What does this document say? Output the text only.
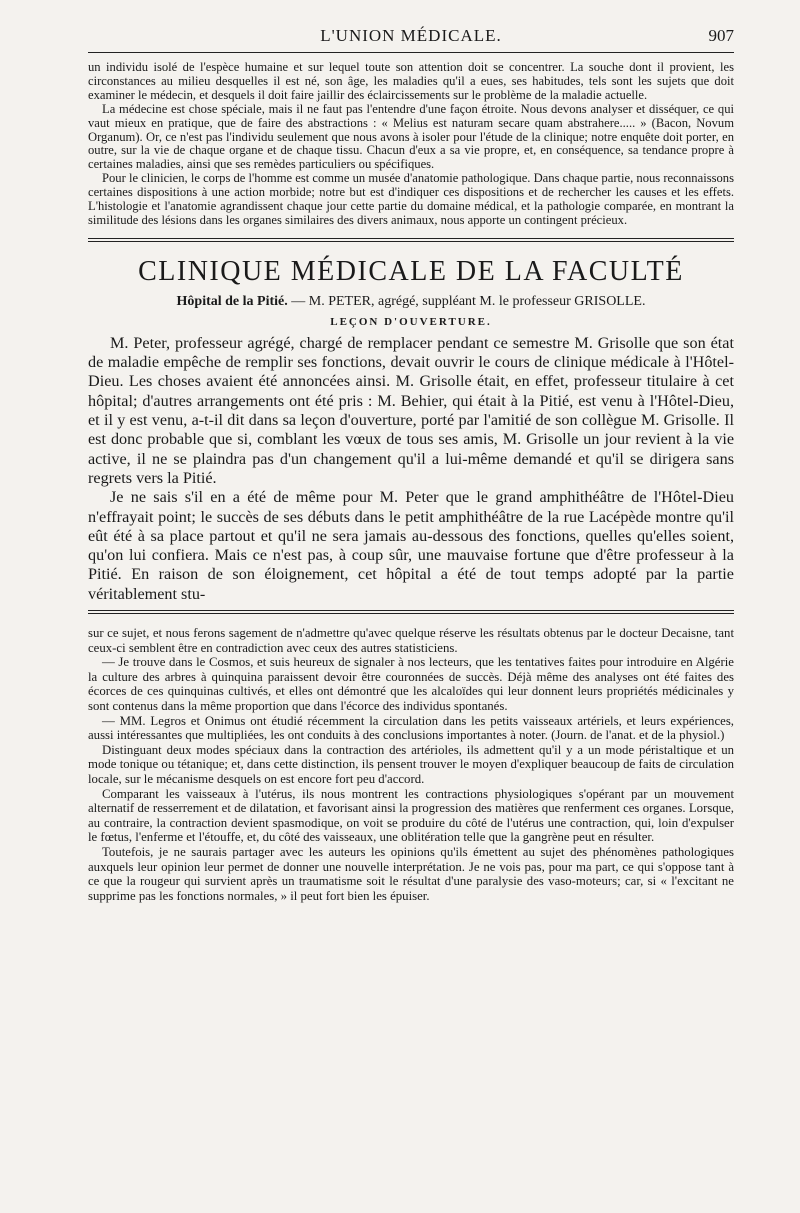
L'UNION MÉDICALE.	907

un individu isolé de l'espèce humaine et sur lequel toute son attention doit se concentrer. La souche dont il provient, les circonstances au milieu desquelles il est né, son âge, les maladies qu'il a eues, ses habitudes, tels sont les sujets que doit examiner le médecin, et desquels il doit faire jaillir des éclaircissements sur le problème de la maladie actuelle.

La médecine est chose spéciale, mais il ne faut pas l'entendre d'une façon étroite. Nous devons analyser et disséquer, ce qui vaut mieux en pratique, que de faire des abstractions : « Melius est naturam secare quam abstrahere..... » (Bacon, Novum Organum). Or, ce n'est pas l'individu seulement que nous avons à isoler pour l'étude de la clinique; notre enquête doit porter, en outre, sur la vie de chaque organe et de chaque tissu. Chacun d'eux a sa vie propre, et, en conséquence, sa tendance propre à certaines maladies, ainsi que ses remèdes particuliers ou spécifiques.

Pour le clinicien, le corps de l'homme est comme un musée d'anatomie pathologique. Dans chaque partie, nous reconnaissons certaines dispositions à une action morbide; notre but est d'indiquer ces dispositions et de rechercher les causes et les effets. L'histologie et l'anatomie agrandissent chaque jour cette partie du domaine médical, et la pathologie comparée, en montrant la similitude des lésions dans les organes similaires des divers animaux, nous apporte un contingent précieux.

CLINIQUE MÉDICALE DE LA FACULTÉ
Hôpital de la Pitié. — M. PETER, agrégé, suppléant M. le professeur GRISOLLE.
LEÇON D'OUVERTURE.

M. Peter, professeur agrégé, chargé de remplacer pendant ce semestre M. Grisolle que son état de maladie empêche de remplir ses fonctions, devait ouvrir le cours de clinique médicale à l'Hôtel-Dieu. Les choses avaient été annoncées ainsi. M. Grisolle était, en effet, professeur titulaire à cet hôpital; d'autres arrangements ont été pris : M. Behier, qui était à la Pitié, est venu à l'Hôtel-Dieu, et il y est venu, a-t-il dit dans sa leçon d'ouverture, porté par l'amitié de son collègue M. Grisolle. Il est donc probable que si, comblant les vœux de tous ses amis, M. Grisolle un jour revient à la vie active, il ne se plaindra pas d'un changement qu'il a lui-même demandé et qu'il se dirigera sans regrets vers la Pitié.

Je ne sais s'il en a été de même pour M. Peter que le grand amphithéâtre de l'Hôtel-Dieu n'effrayait point; le succès de ses débuts dans le petit amphithéâtre de la rue Lacépède montre qu'il eût été à sa place partout et qu'il ne sera jamais au-dessous des fonctions, quelles qu'elles soient, qu'on lui confiera. Mais ce n'est pas, à coup sûr, une mauvaise fortune que d'être professeur à la Pitié. En raison de son éloignement, cet hôpital a été de tout temps adopté par la partie véritablement stu-

sur ce sujet, et nous ferons sagement de n'admettre qu'avec quelque réserve les résultats obtenus par le docteur Decaisne, tant ceux-ci semblent être en contradiction avec ceux des autres statisticiens.

— Je trouve dans le Cosmos, et suis heureux de signaler à nos lecteurs, que les tentatives faites pour introduire en Algérie la culture des arbres à quinquina paraissent devoir être couronnées de succès. Déjà même des analyses ont été faites des écorces de ces quinquinas cultivés, et elles ont démontré que les alcaloïdes qui leur donnent leurs propriétés médicinales y sont contenus dans la même proportion que dans l'écorce des individus spontanés.

— MM. Legros et Onimus ont étudié récemment la circulation dans les petits vaisseaux artériels, et leurs expériences, aussi intéressantes que multipliées, les ont conduits à des conclusions importantes à noter. (Journ. de l'anat. et de la physiol.)

Distinguant deux modes spéciaux dans la contraction des artérioles, ils admettent qu'il y a un mode péristaltique et un mode tonique ou tétanique; et, dans cette distinction, ils pensent trouver le moyen d'expliquer beaucoup de faits de circulation locale, sur le mécanisme desquels on est encore fort peu d'accord.

Comparant les vaisseaux à l'utérus, ils nous montrent les contractions physiologiques s'opérant par un mouvement alternatif de resserrement et de dilatation, et favorisant ainsi la progression des matières que renferment ces organes. Lorsque, au contraire, la contraction devient spasmodique, on voit se produire du côté de l'utérus une contraction, qui, loin d'expulser le fœtus, l'enferme et l'étouffe, et, du côté des vaisseaux, une oblitération telle que la gangrène peut en résulter.

Toutefois, je ne saurais partager avec les auteurs les opinions qu'ils émettent au sujet des phénomènes pathologiques auxquels leur opinion leur permet de donner une nouvelle interprétation. Je ne vois pas, pour ma part, ce qui s'oppose tant à ce que la rougeur qui survient après un traumatisme soit le résultat d'une paralysie des vaso-moteurs; car, si « l'excitant ne supprime pas les fonctions normales, » il peut fort bien les épuiser.
